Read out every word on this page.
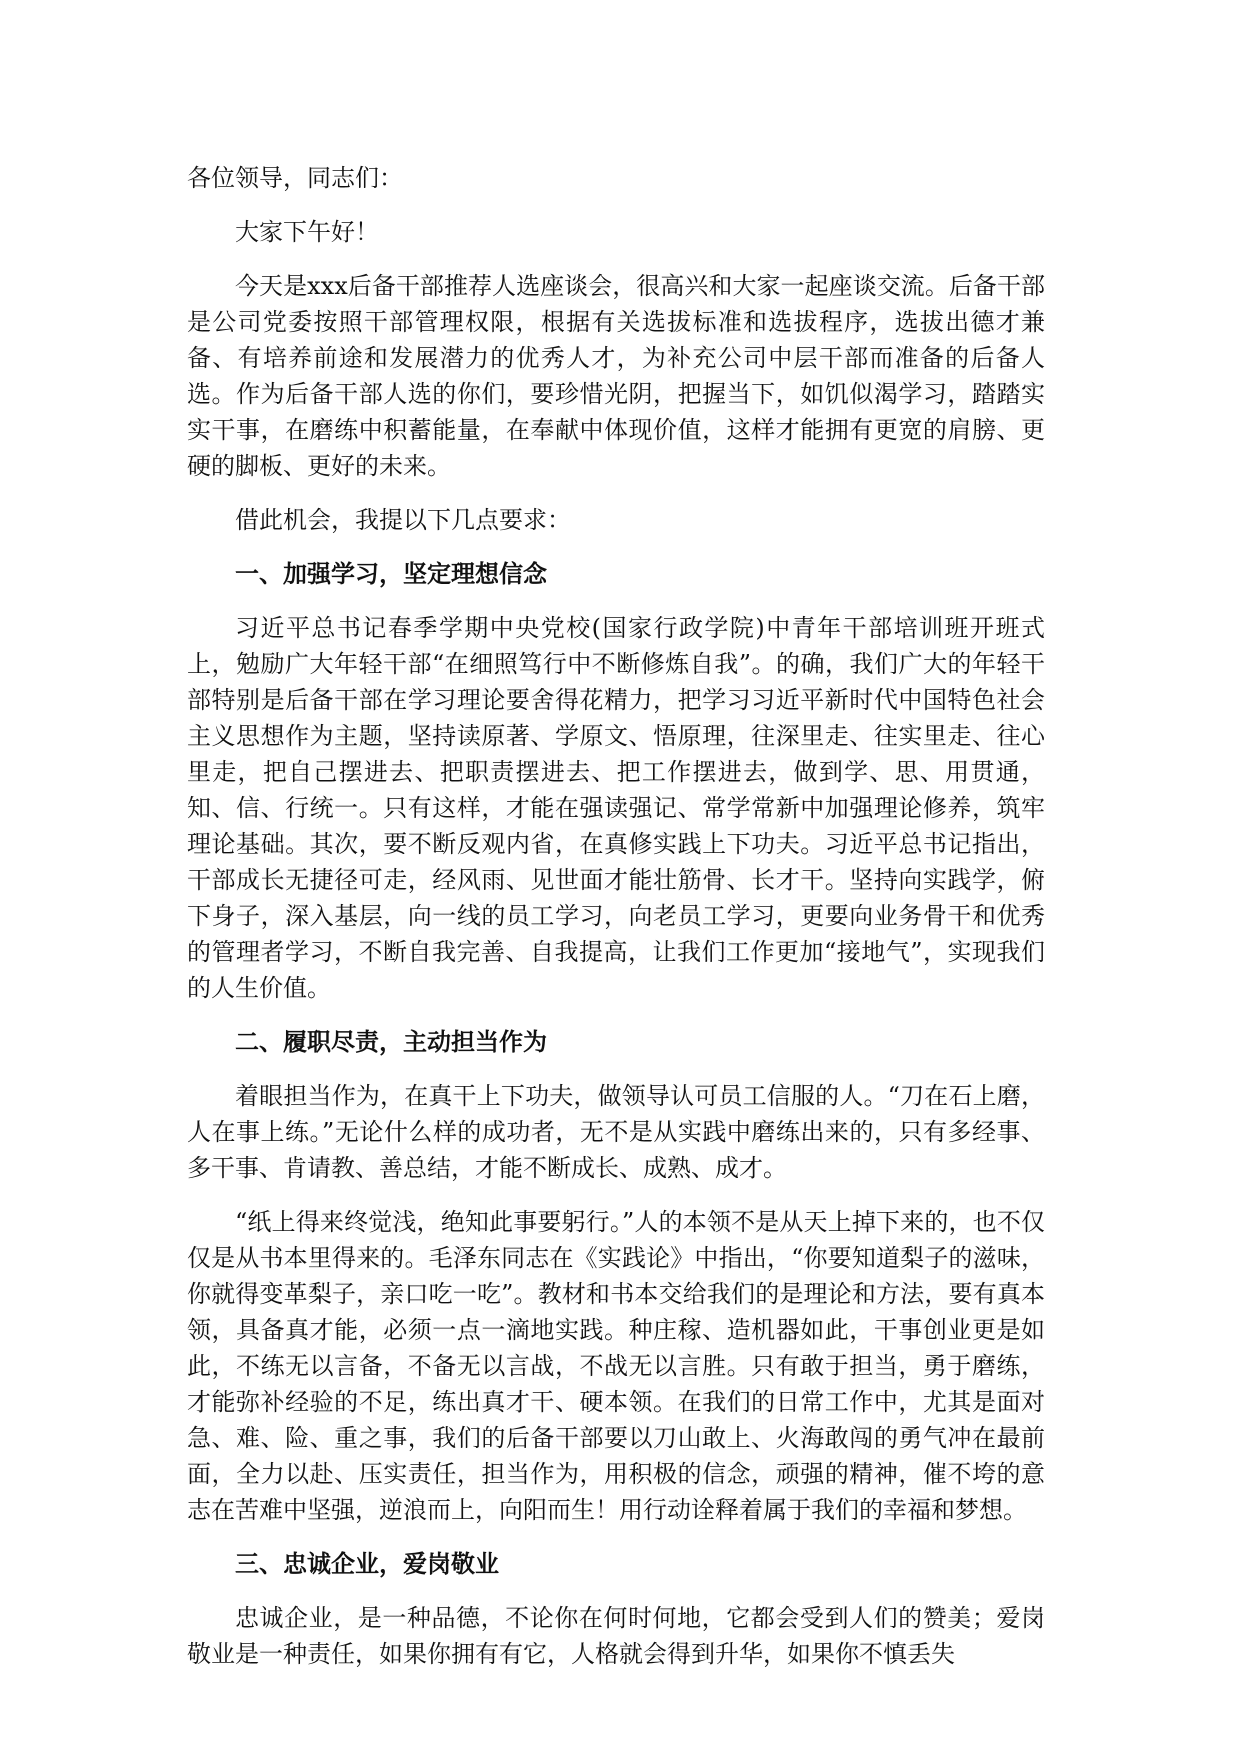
各位领导，同志们：

大家下午好！

今天是xxx后备干部推荐人选座谈会，很高兴和大家一起座谈交流。后备干部是公司党委按照干部管理权限，根据有关选拔标准和选拔程序，选拔出德才兼备、有培养前途和发展潜力的优秀人才，为补充公司中层干部而准备的后备人选。作为后备干部人选的你们，要珍惜光阴，把握当下，如饥似渴学习，踏踏实实干事，在磨练中积蓄能量，在奉献中体现价值，这样才能拥有更宽的肩膀、更硬的脚板、更好的未来。

借此机会，我提以下几点要求：

一、加强学习，坚定理想信念

习近平总书记春季学期中央党校(国家行政学院)中青年干部培训班开班式上，勉励广大年轻干部“在细照笃行中不断修炼自我”。的确，我们广大的年轻干部特别是后备干部在学习理论要舍得花精力，把学习习近平新时代中国特色社会主义思想作为主题，坚持读原著、学原文、悟原理，往深里走、往实里走、往心里走，把自己摆进去、把职责摆进去、把工作摆进去，做到学、思、用贯通，知、信、行统一。只有这样，才能在强读强记、常学常新中加强理论修养，筑牢理论基础。其次，要不断反观内省，在真修实践上下功夫。习近平总书记指出，干部成长无捷径可走，经风雨、见世面才能壮筋骨、长才干。坚持向实践学，俯下身子，深入基层，向一线的员工学习，向老员工学习，更要向业务骨干和优秀的管理者学习，不断自我完善、自我提高，让我们工作更加“接地气”，实现我们的人生价值。

二、履职尽责，主动担当作为

着眼担当作为，在真干上下功夫，做领导认可员工信服的人。“刀在石上磨，人在事上练。”无论什么样的成功者，无不是从实践中磨练出来的，只有多经事、多干事、肯请教、善总结，才能不断成长、成熟、成才。

“纸上得来终觉浅，绝知此事要躬行。”人的本领不是从天上掉下来的，也不仅仅是从书本里得来的。毛泽东同志在《实践论》中指出，“你要知道梨子的滋味，你就得变革梨子，亲口吃一吃”。教材和书本交给我们的是理论和方法，要有真本领，具备真才能，必须一点一滴地实践。种庄稼、造机器如此，干事创业更是如此，不练无以言备，不备无以言战，不战无以言胜。只有敢于担当，勇于磨练，才能弥补经验的不足，练出真才干、硬本领。在我们的日常工作中，尤其是面对急、难、险、重之事，我们的后备干部要以刀山敢上、火海敢闯的勇气冲在最前面，全力以赴、压实责任，担当作为，用积极的信念，顽强的精神，催不垮的意志在苦难中坚强，逆浪而上，向阳而生！用行动诠释着属于我们的幸福和梦想。

三、忠诚企业，爱岗敬业

忠诚企业，是一种品德，不论你在何时何地，它都会受到人们的赞美；爱岗敬业是一种责任，如果你拥有有它，人格就会得到升华，如果你不慎丢失
